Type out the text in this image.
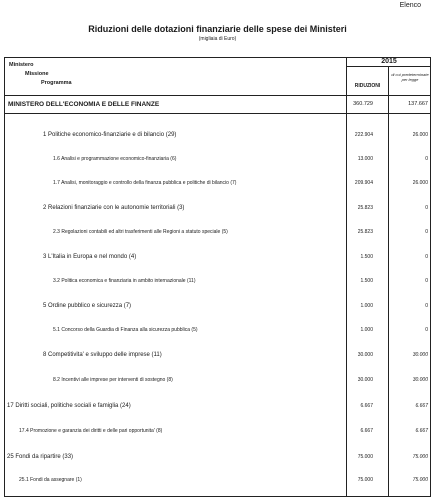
Elenco
Riduzioni delle dotazioni finanziarie delle spese dei Ministeri
(migliaia di Euro)
Ministero
Missione
Programma
2015
RIDUZIONI
di cui predeterminate per legge
MINISTERO DELL'ECONOMIA E DELLE FINANZE	360.729	137.667
1 Politiche economico-finanziarie e di bilancio (29)	222.904	26.000
1.6 Analisi e programmazione economico-finanziaria (6)	13.000	0
1.7 Analisi, monitoraggio e controllo della finanza pubblica e politiche di bilancio (7)	209.904	26.000
2 Relazioni finanziarie con le autonomie territoriali (3)	25.823	0
2.3 Regolazioni contabili ed altri trasferimenti alle Regioni a statuto speciale (5)	25.823	0
3 L'Italia in Europa e nel mondo (4)	1.500	0
3.2 Politica economica e finanziaria in ambito internazionale (11)	1.500	0
5 Ordine pubblico e sicurezza (7)	1.000	0
5.1 Concorso della Guardia di Finanza alla sicurezza pubblica (5)	1.000	0
8 Competitivita' e sviluppo delle imprese (11)	30.000	30.000
8.2 Incentivi alle imprese per interventi di sostegno (8)	30.000	30.000
17 Diritti sociali, politiche sociali e famiglia (24)	6.667	6.667
17.4 Promozione e garanzia dei diritti e delle pari opportunita' (8)	6.667	6.667
25 Fondi da ripartire (33)	75.000	75.000
25.1 Fondi da assegnare (1)	75.000	75.000
